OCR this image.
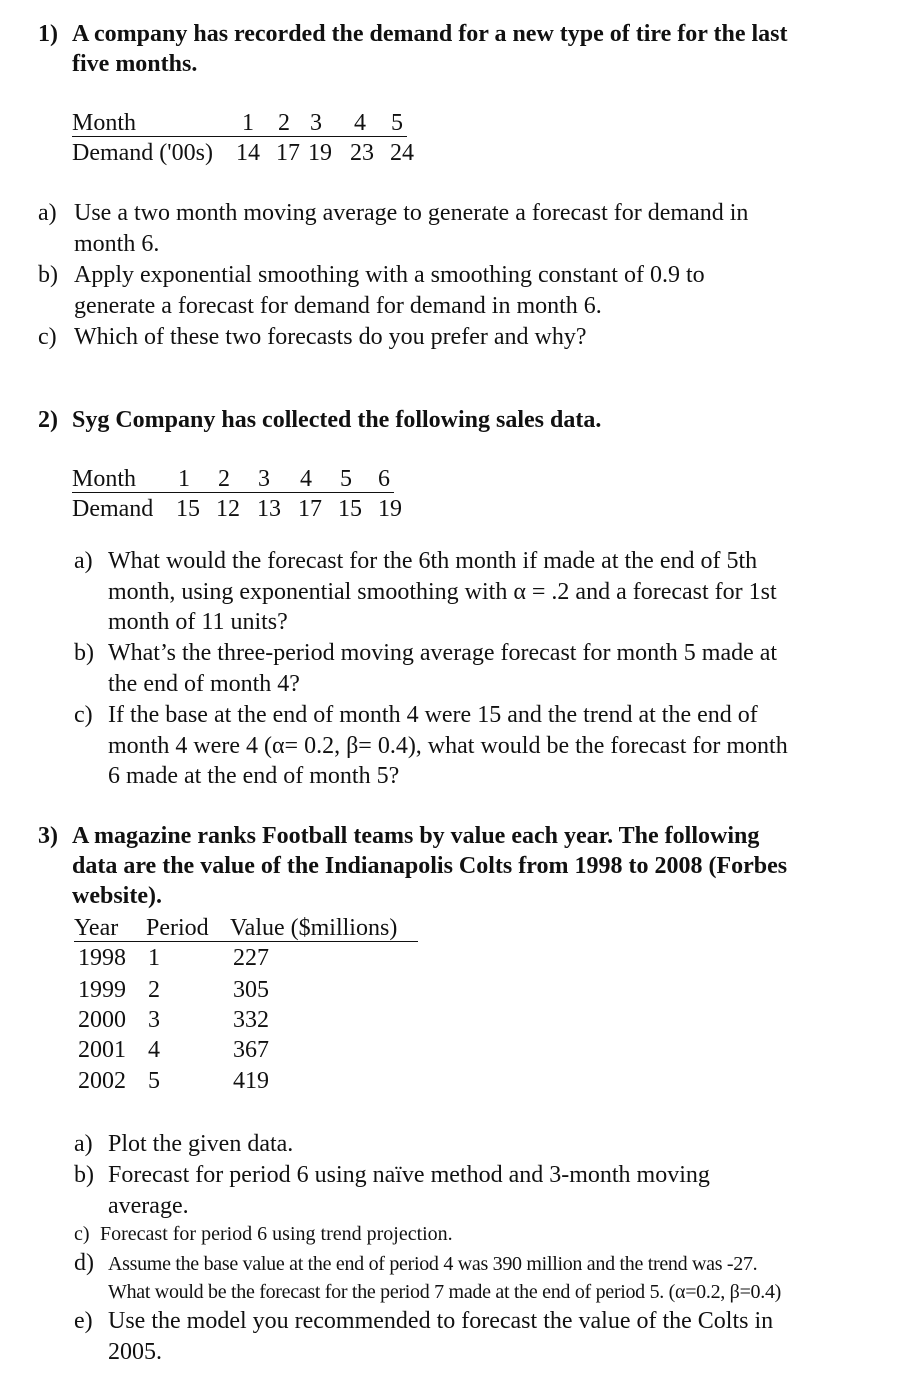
1) A company has recorded the demand for a new type of tire for the last
five months.
Month	1 2 3 4 5
Demand ('00s) 14 17 19 23 24
a) Use a two month moving average to generate a forecast for demand in
month 6.
b) Apply exponential smoothing with a smoothing constant of 0.9 to
generate a forecast for demand for demand in month 6.
c) Which of these two forecasts do you prefer and why?
2) Syg Company has collected the following sales data.
Month 1 2 3 4 5 6
Demand 15 12 13 17 15 19
a) What would the forecast for the 6th month if made at the end of 5th
month, using exponential smoothing with α = .2 and a forecast for 1st
month of 11 units?
b) What’s the three-period moving average forecast for month 5 made at
the end of month 4?
c) If the base at the end of month 4 were 15 and the trend at the end of
month 4 were 4 (α= 0.2, β= 0.4), what would be the forecast for month
6 made at the end of month 5?
3) A magazine ranks Football teams by value each year. The following
data are the value of the Indianapolis Colts from 1998 to 2008 (Forbes
website).
Year Period Value ($millions)
1998 1	227
1999 2	305
2000 3	332
2001 4	367
2002 5	419
a) Plot the given data.
b) Forecast for period 6 using naïve method and 3-month moving
average.
c) Forecast for period 6 using trend projection.
d) Assume the base value at the end of period 4 was 390 million and the trend was -27.
What would be the forecast for the period 7 made at the end of period 5. (α=0.2, β=0.4)
e) Use the model you recommended to forecast the value of the Colts in
2005.
